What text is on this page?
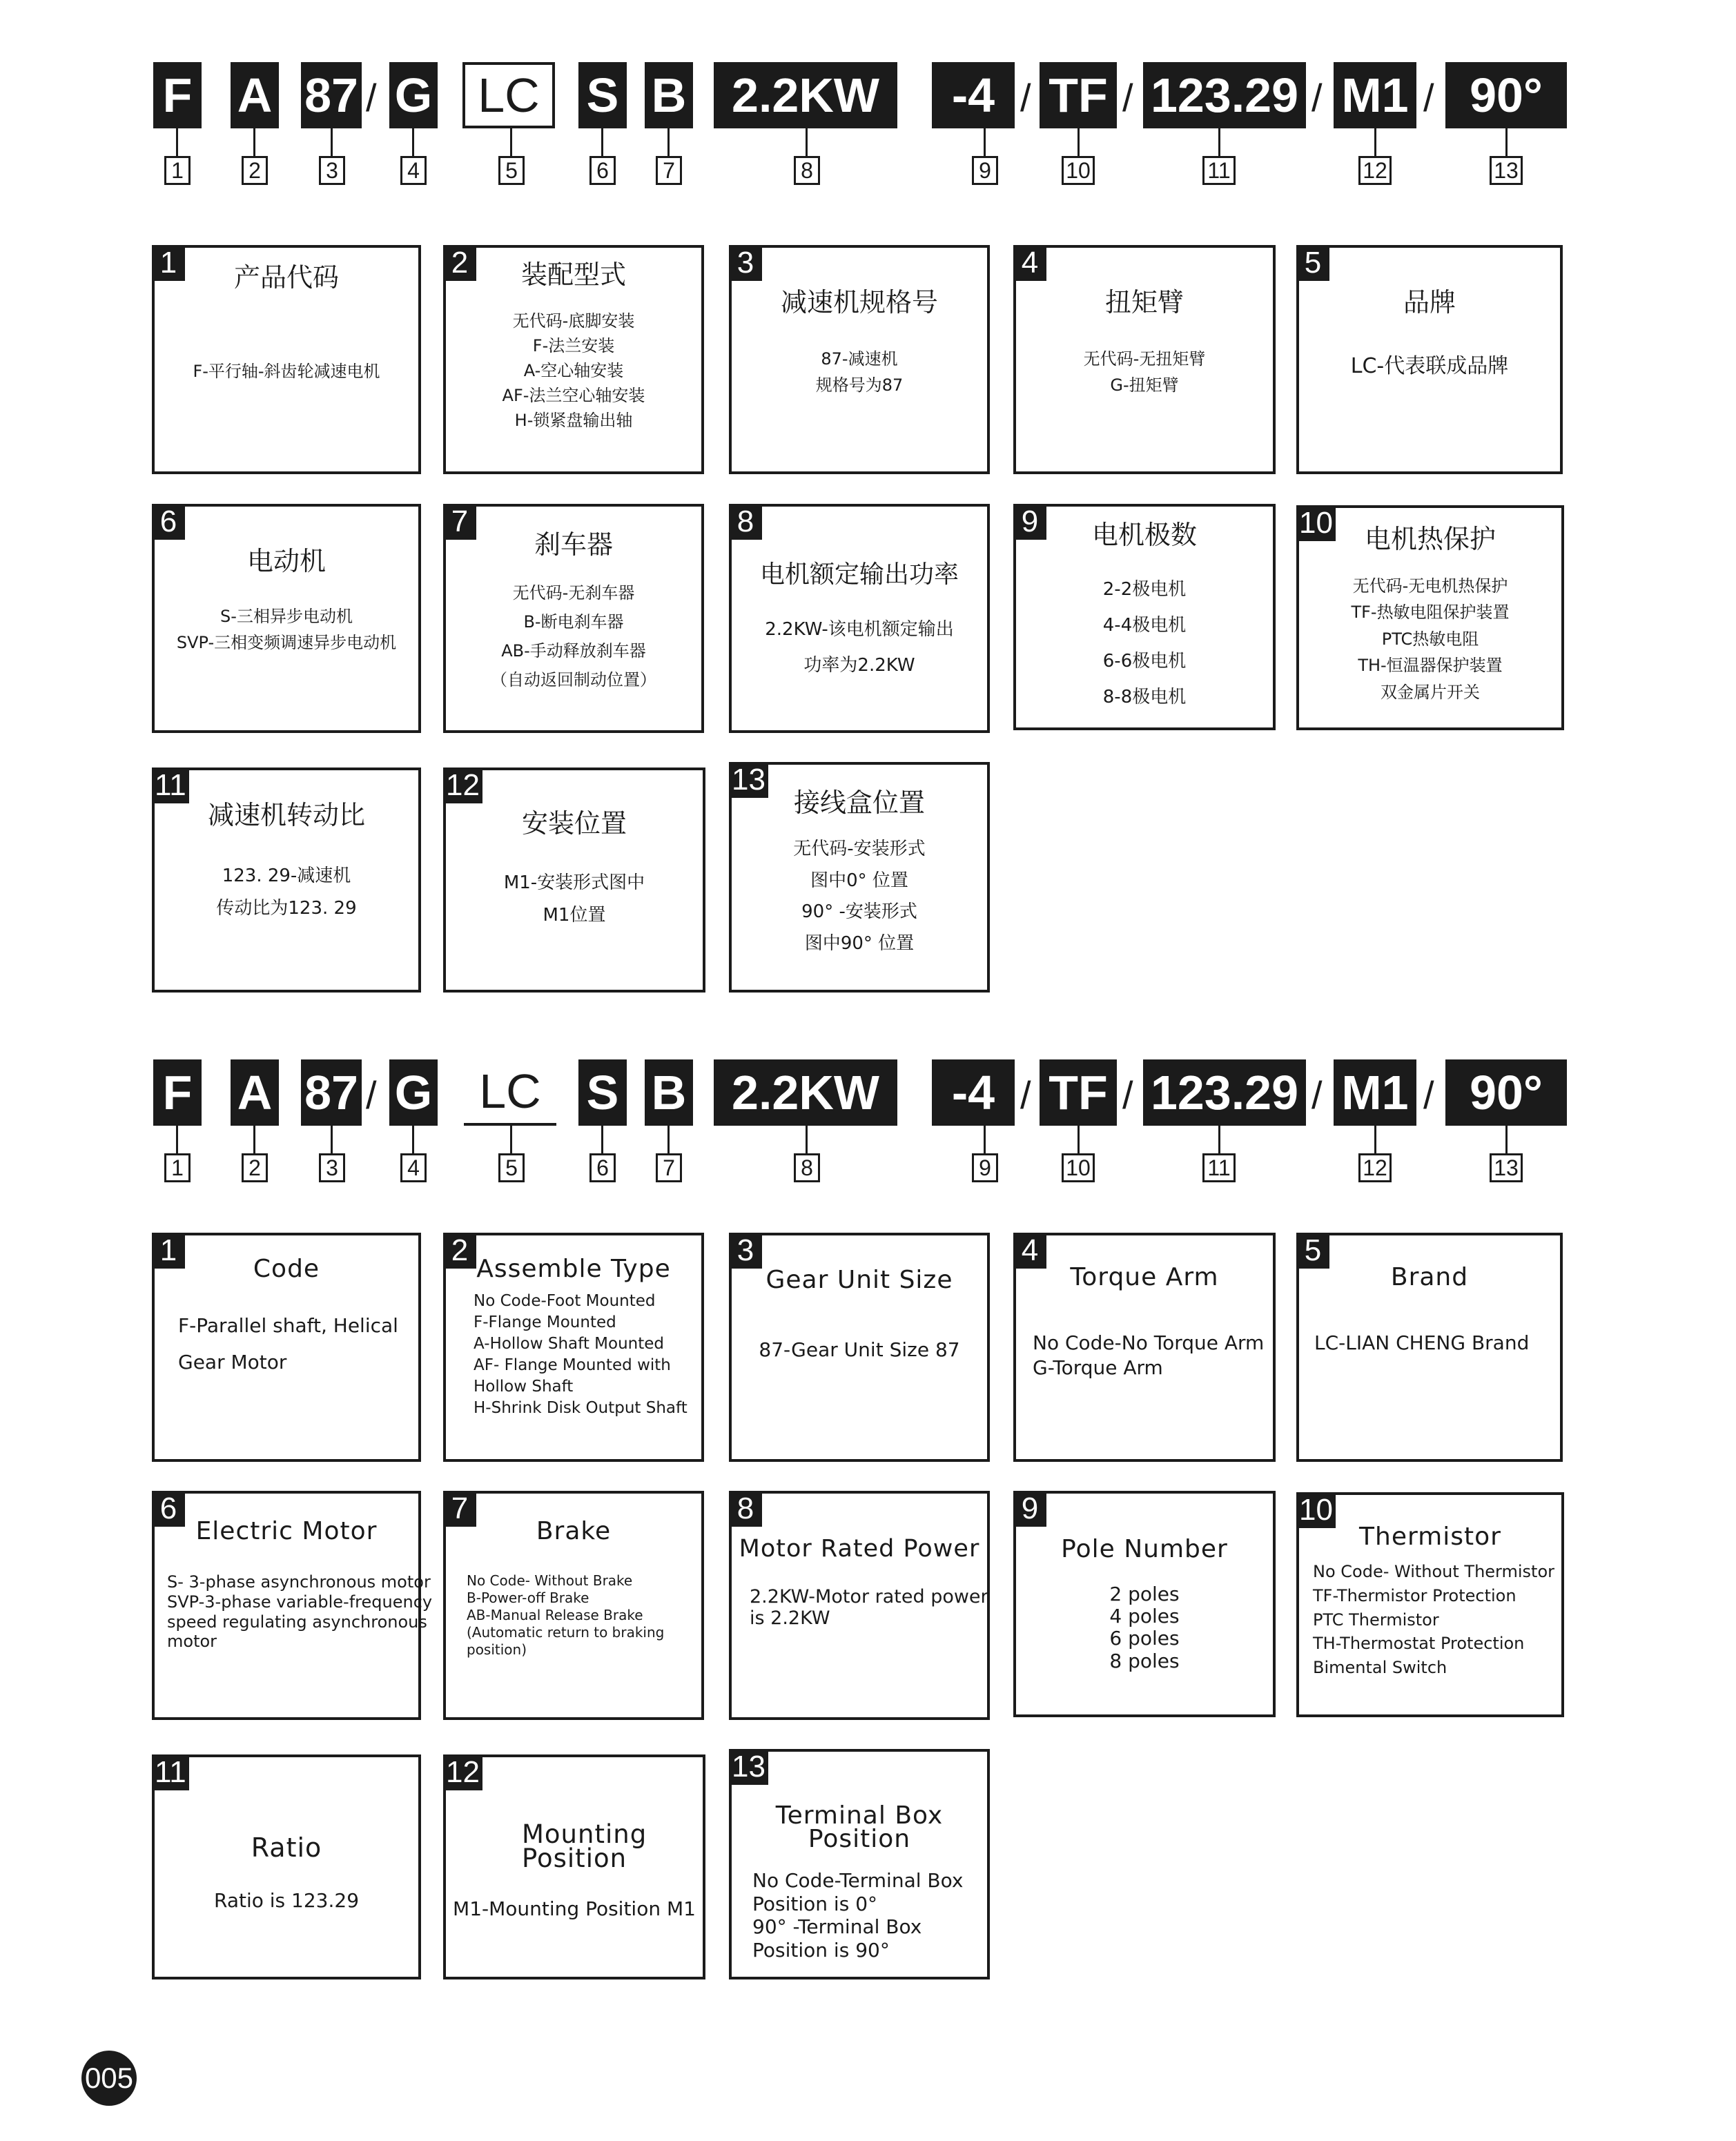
F A 87 / G LC S B 2.2KW	-4 / TF / 123.29 / M1 / 90°
1	2	3	4	5	6	7	8	9	10	11	12	13
1	产品代码
F-平行轴-斜齿轮减速电机
2	装配型式
无代码-底脚安装
F-法兰安装
A-空心轴安装
AF-法兰空心轴安装
H-锁紧盘输出轴
3
减速机规格号
87-减速机
规格号为87
4
扭矩臂
无代码-无扭矩臂
G-扭矩臂
5
品牌
LC-代表联成品牌
6
电动机
S-三相异步电动机
SVP-三相变频调速异步电动机
7
刹车器
无代码-无刹车器
B-断电刹车器
AB-手动释放刹车器
（自动返回制动位置）
8
电机额定输出功率
2.2KW-该电机额定输出
功率为2.2KW
9	电机极数
2-2极电机
4-4极电机
6-6极电机
8-8极电机
10	电机热保护
无代码-无电机热保护
TF-热敏电阻保护装置
PTC热敏电阻
TH-恒温器保护装置
双金属片开关
11
减速机转动比
123. 29-减速机
传动比为123. 29
12
安装位置
M1-安装形式图中
M1位置
13
接线盒位置
无代码-安装形式
图中0° 位置
90° -安装形式
图中90° 位置
F A 87 / G LC S B 2.2KW	-4 / TF / 123.29 / M1 / 90°
1	2	3	4	5	6	7	8	9	10	11	12	13
1
Code
F-Parallel shaft, Helical
Gear Motor
2
Assemble Type
No Code-Foot Mounted
F-Flange Mounted
A-Hollow Shaft Mounted
AF- Flange Mounted with
Hollow Shaft
H-Shrink Disk Output Shaft
3
Gear Unit Size
87-Gear Unit Size 87
4
Torque Arm
No Code-No Torque Arm
G-Torque Arm
5
Brand
LC-LIAN CHENG Brand
6
Electric Motor
S- 3-phase asynchronous motor
SVP-3-phase variable-frequency
speed regulating asynchronous
motor
7
Brake
No Code- Without Brake
B-Power-off Brake
AB-Manual Release Brake
(Automatic return to braking
position)
8
Motor Rated Power
2.2KW-Motor rated power
is 2.2KW
9
Pole Number
2 poles
4 poles
6 poles
8 poles
10
Thermistor
No Code- Without Thermistor
TF-Thermistor Protection
PTC Thermistor
TH-Thermostat Protection
Bimental Switch
11
Ratio
Ratio is 123.29
12
Mounting Position
M1-Mounting Position M1
13
Terminal Box Position
No Code-Terminal Box
Position is 0°
90° -Terminal Box
Position is 90°
005
